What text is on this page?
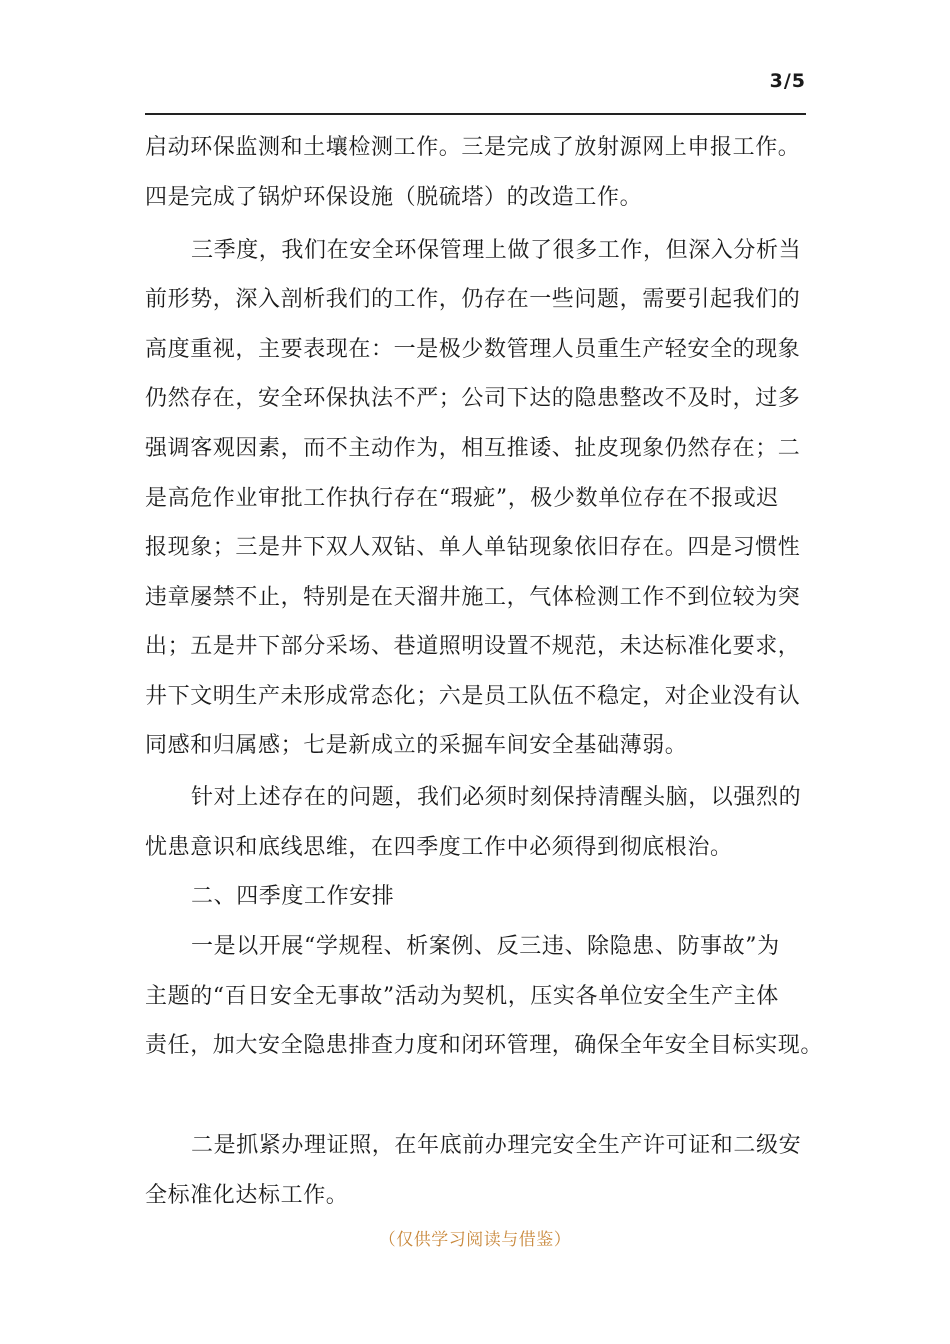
3/5
启动环保监测和土壤检测工作。三是完成了放射源网上申报工作。
四是完成了锅炉环保设施（脱硫塔）的改造工作。
三季度，我们在安全环保管理上做了很多工作，但深入分析当
前形势，深入剖析我们的工作，仍存在一些问题，需要引起我们的
高度重视，主要表现在：一是极少数管理人员重生产轻安全的现象
仍然存在，安全环保执法不严；公司下达的隐患整改不及时，过多
强调客观因素，而不主动作为，相互推诿、扯皮现象仍然存在；二
是高危作业审批工作执行存在“瑕疵”，极少数单位存在不报或迟
报现象；三是井下双人双钻、单人单钻现象依旧存在。四是习惯性
违章屡禁不止，特别是在天溜井施工，气体检测工作不到位较为突
出；五是井下部分采场、巷道照明设置不规范，未达标准化要求，
井下文明生产未形成常态化；六是员工队伍不稳定，对企业没有认
同感和归属感；七是新成立的采掘车间安全基础薄弱。
针对上述存在的问题，我们必须时刻保持清醒头脑，以强烈的
忧患意识和底线思维，在四季度工作中必须得到彻底根治。
二、四季度工作安排
一是以开展“学规程、析案例、反三违、除隐患、防事故”为
主题的“百日安全无事故”活动为契机，压实各单位安全生产主体
责任，加大安全隐患排查力度和闭环管理，确保全年安全目标实现。
二是抓紧办理证照，在年底前办理完安全生产许可证和二级安
全标准化达标工作。
（仅供学习阅读与借鉴）
